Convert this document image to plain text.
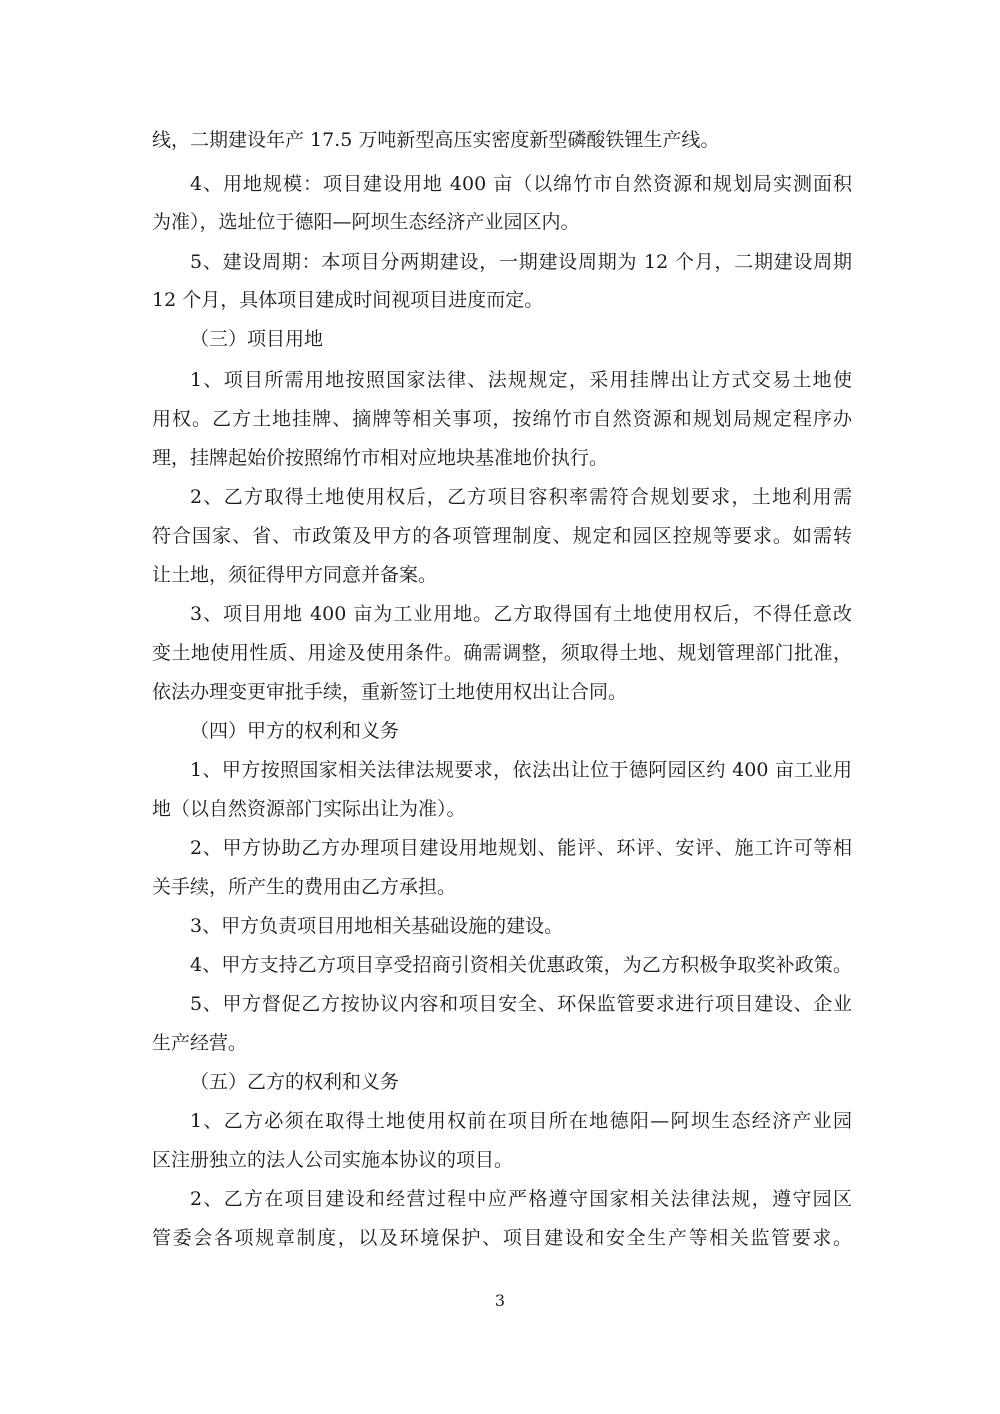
线，二期建设年产 17.5 万吨新型高压实密度新型磷酸铁锂生产线。
4、用地规模：项目建设用地 400 亩（以绵竹市自然资源和规划局实测面积
为准），选址位于德阳—阿坝生态经济产业园区内。
5、建设周期：本项目分两期建设，一期建设周期为 12 个月，二期建设周期
12 个月，具体项目建成时间视项目进度而定。
（三）项目用地
1、项目所需用地按照国家法律、法规规定，采用挂牌出让方式交易土地使
用权。乙方土地挂牌、摘牌等相关事项，按绵竹市自然资源和规划局规定程序办
理，挂牌起始价按照绵竹市相对应地块基准地价执行。
2、乙方取得土地使用权后，乙方项目容积率需符合规划要求，土地利用需
符合国家、省、市政策及甲方的各项管理制度、规定和园区控规等要求。如需转
让土地，须征得甲方同意并备案。
3、项目用地 400 亩为工业用地。乙方取得国有土地使用权后，不得任意改
变土地使用性质、用途及使用条件。确需调整，须取得土地、规划管理部门批准，
依法办理变更审批手续，重新签订土地使用权出让合同。
（四）甲方的权利和义务
1、甲方按照国家相关法律法规要求，依法出让位于德阿园区约 400 亩工业用
地（以自然资源部门实际出让为准）。
2、甲方协助乙方办理项目建设用地规划、能评、环评、安评、施工许可等相
关手续，所产生的费用由乙方承担。
3、甲方负责项目用地相关基础设施的建设。
4、甲方支持乙方项目享受招商引资相关优惠政策，为乙方积极争取奖补政策。
5、甲方督促乙方按协议内容和项目安全、环保监管要求进行项目建设、企业
生产经营。
（五）乙方的权利和义务
1、乙方必须在取得土地使用权前在项目所在地德阳—阿坝生态经济产业园
区注册独立的法人公司实施本协议的项目。
2、乙方在项目建设和经营过程中应严格遵守国家相关法律法规，遵守园区
管委会各项规章制度，以及环境保护、项目建设和安全生产等相关监管要求。
3
